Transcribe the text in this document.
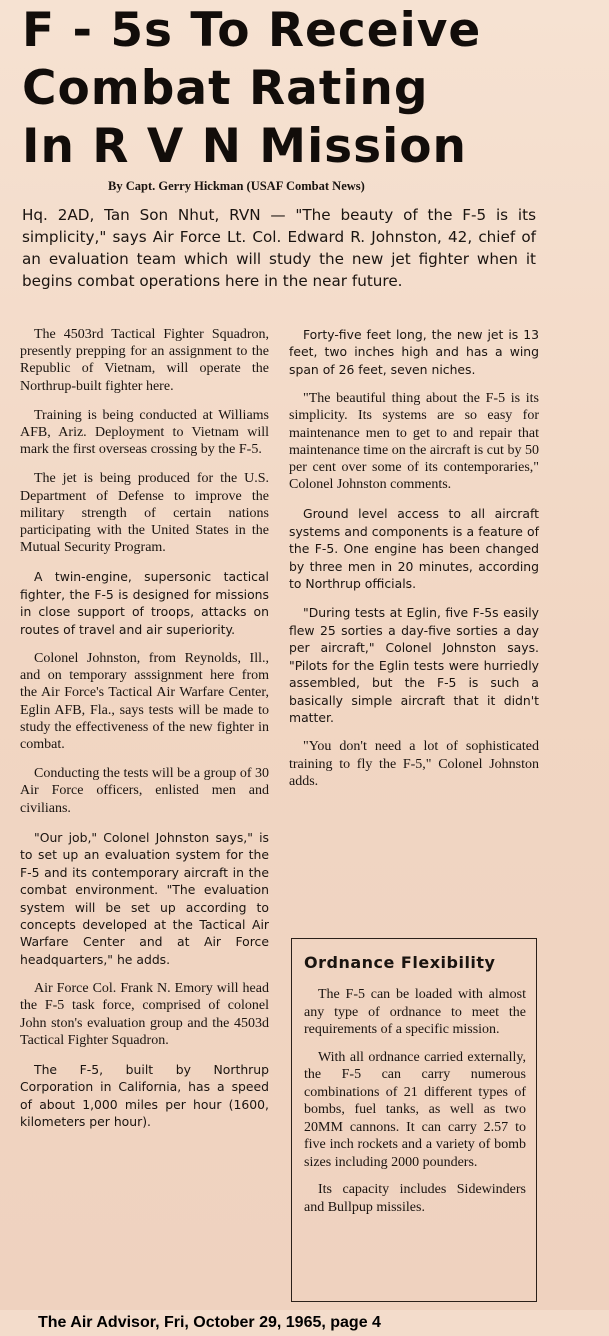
F - 5s To Receive
Combat Rating
In R V N Mission
By Capt. Gerry Hickman (USAF Combat News)
Hq. 2AD, Tan Son Nhut, RVN — "The beauty of the F-5 is its simplicity," says Air Force Lt. Col. Edward R. Johnston, 42, chief of an evaluation team which will study the new jet fighter when it begins combat operations here in the near future.

The 4503rd Tactical Fighter Squadron, presently prepping for an assignment to the Republic of Vietnam, will operate the Northrup-built fighter here.

Training is being conducted at Williams AFB, Ariz. Deployment to Vietnam will mark the first overseas crossing by the F-5.

The jet is being produced for the U.S. Department of Defense to improve the military strength of certain nations participating with the United States in the Mutual Security Program.

A twin-engine, supersonic tactical fighter, the F-5 is designed for missions in close support of troops, attacks on routes of travel and air superiority.

Colonel Johnston, from Reynolds, Ill., and on temporary asssignment here from the Air Force's Tactical Air Warfare Center, Eglin AFB, Fla., says tests will be made to study the effectiveness of the new fighter in combat.

Conducting the tests will be a group of 30 Air Force officers, enlisted men and civilians.

"Our job," Colonel Johnston says," is to set up an evaluation system for the F-5 and its contemporary aircraft in the combat environment. "The evaluation system will be set up according to concepts developed at the Tactical Air Warfare Center and at Air Force headquarters," he adds.

Air Force Col. Frank N. Emory will head the F-5 task force, comprised of colonel John ston's evaluation group and the 4503d Tactical Fighter Squadron.

The F-5, built by Northrup Corporation in California, has a speed of about 1,000 miles per hour (1600, kilometers per hour).

Forty-five feet long, the new jet is 13 feet, two inches high and has a wing span of 26 feet, seven niches.

"The beautiful thing about the F-5 is its simplicity. Its systems are so easy for maintenance men to get to and repair that maintenance time on the aircraft is cut by 50 per cent over some of its contemporaries," Colonel Johnston comments.

Ground level access to all aircraft systems and components is a feature of the F-5. One engine has been changed by three men in 20 minutes, according to Northrup officials.

"During tests at Eglin, five F-5s easily flew 25 sorties a day-five sorties a day per aircraft," Colonel Johnston says. "Pilots for the Eglin tests were hurriedly assembled, but the F-5 is such a basically simple aircraft that it didn't matter.

"You don't need a lot of sophisticated training to fly the F-5," Colonel Johnston adds.

Ordnance Flexibility

The F-5 can be loaded with almost any type of ordnance to meet the requirements of a specific mission.

With all ordnance carried externally, the F-5 can carry numerous combinations of 21 different types of bombs, fuel tanks, as well as two 20MM cannons. It can carry 2.57 to five inch rockets and a variety of bomb sizes including 2000 pounders.

Its capacity includes Sidewinders and Bullpup missiles.

The Air Advisor, Fri, October 29, 1965, page 4
